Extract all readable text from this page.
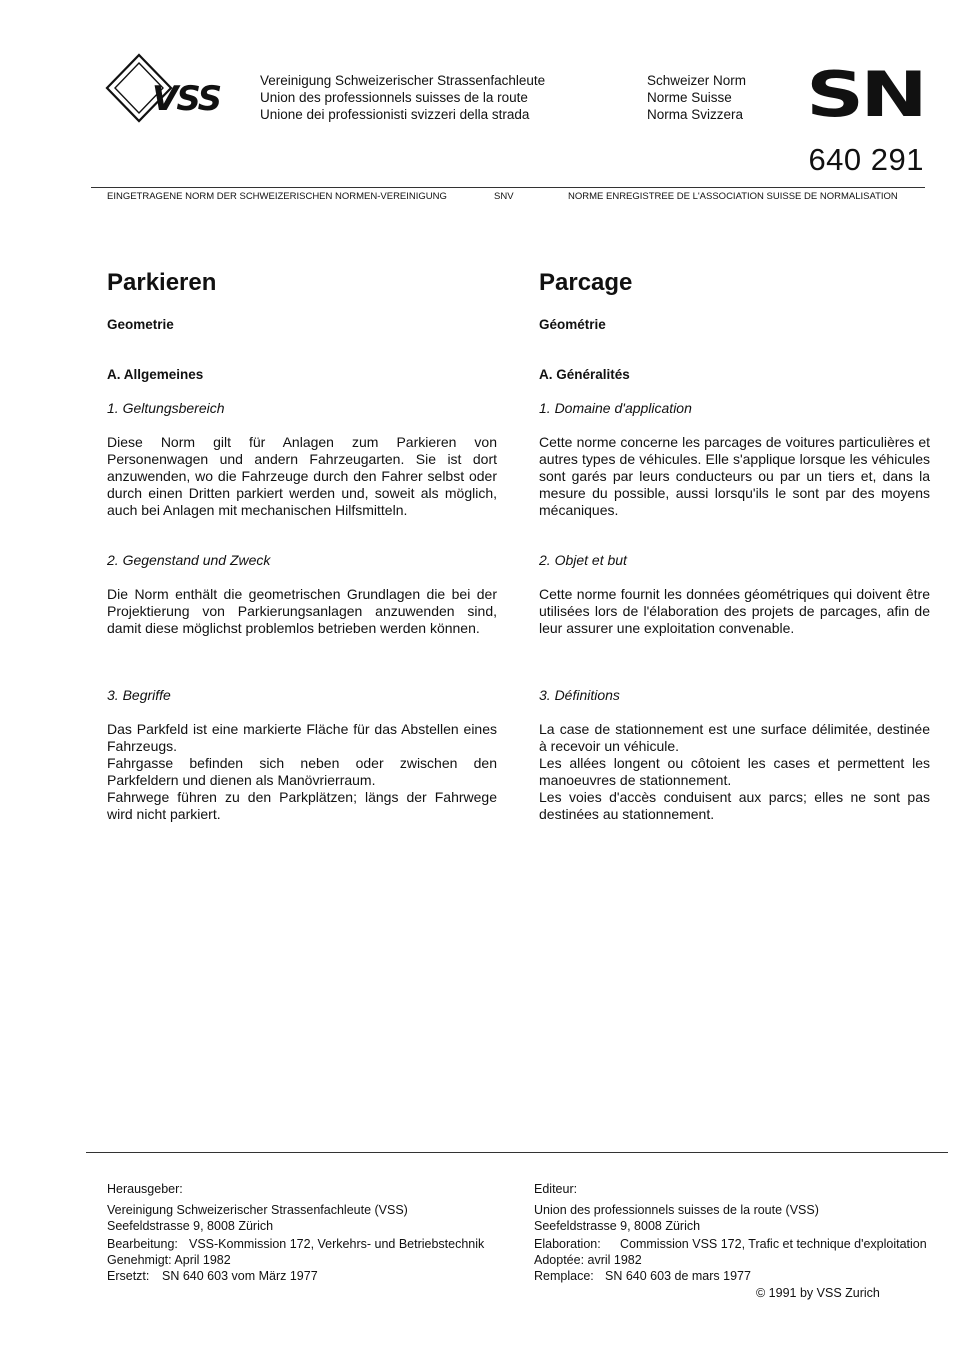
VSS	Vereinigung Schweizerischer Strassenfachleute
Union des professionnels suisses de la route
Unione dei professionisti svizzeri della strada
Schweizer Norm
Norme Suisse
Norma Svizzera SN
640 291
EINGETRAGENE NORM DER SCHWEIZERISCHEN NORMEN-VEREINIGUNG	SNV	NORME ENREGISTREE DE L'ASSOCIATION SUISSE DE NORMALISATION
Parkieren
Geometrie
A. Allgemeines
1. Geltungsbereich

Diese Norm gilt für Anlagen zum Parkieren von Personenwagen und andern Fahrzeugarten. Sie ist dort anzuwenden, wo die Fahrzeuge durch den Fahrer selbst oder durch einen Dritten parkiert werden und, soweit als möglich, auch bei Anlagen mit mechanischen Hilfsmitteln.

2. Gegenstand und Zweck

Die Norm enthält die geometrischen Grundlagen die bei der Projektierung von Parkierungsanlagen anzuwenden sind, damit diese möglichst problemlos betrieben werden können.

3. Begriffe

Das Parkfeld ist eine markierte Fläche für das Abstellen eines Fahrzeugs.

Fahrgasse befinden sich neben oder zwischen den Parkfeldern und dienen als Manövrierraum.

Fahrwege führen zu den Parkplätzen; längs der Fahrwege wird nicht parkiert.

Parcage
Géométrie
A. Généralités
1. Domaine d'application

Cette norme concerne les parcages de voitures particulières et autres types de véhicules. Elle s'applique lorsque les véhicules sont garés par leurs conducteurs ou par un tiers et, dans la mesure du possible, aussi lorsqu'ils le sont par des moyens mécaniques.

2. Objet et but

Cette norme fournit les données géométriques qui doivent être utilisées lors de l'élaboration des projets de parcages, afin de leur assurer une exploitation convenable.

3. Définitions

La case de stationnement est une surface délimitée, destinée à recevoir un véhicule.

Les allées longent ou côtoient les cases et permettent les manoeuvres de stationnement.

Les voies d'accès conduisent aux parcs; elles ne sont pas destinées au stationnement.

Herausgeber:
Vereinigung Schweizerischer Strassenfachleute (VSS)
Seefeldstrasse 9, 8008 Zürich
Bearbeitung: VSS-Kommission 172, Verkehrs- und Betriebstechnik
Genehmigt: April 1982
Ersetzt:	SN 640 603 vom März 1977
Editeur:
Union des professionnels suisses de la route (VSS)
Seefeldstrasse 9, 8008 Zürich
Elaboration:	Commission VSS 172, Trafic et technique d'exploitation
Adoptée: avril 1982
Remplace: SN 640 603 de mars 1977
© 1991 by VSS Zurich
